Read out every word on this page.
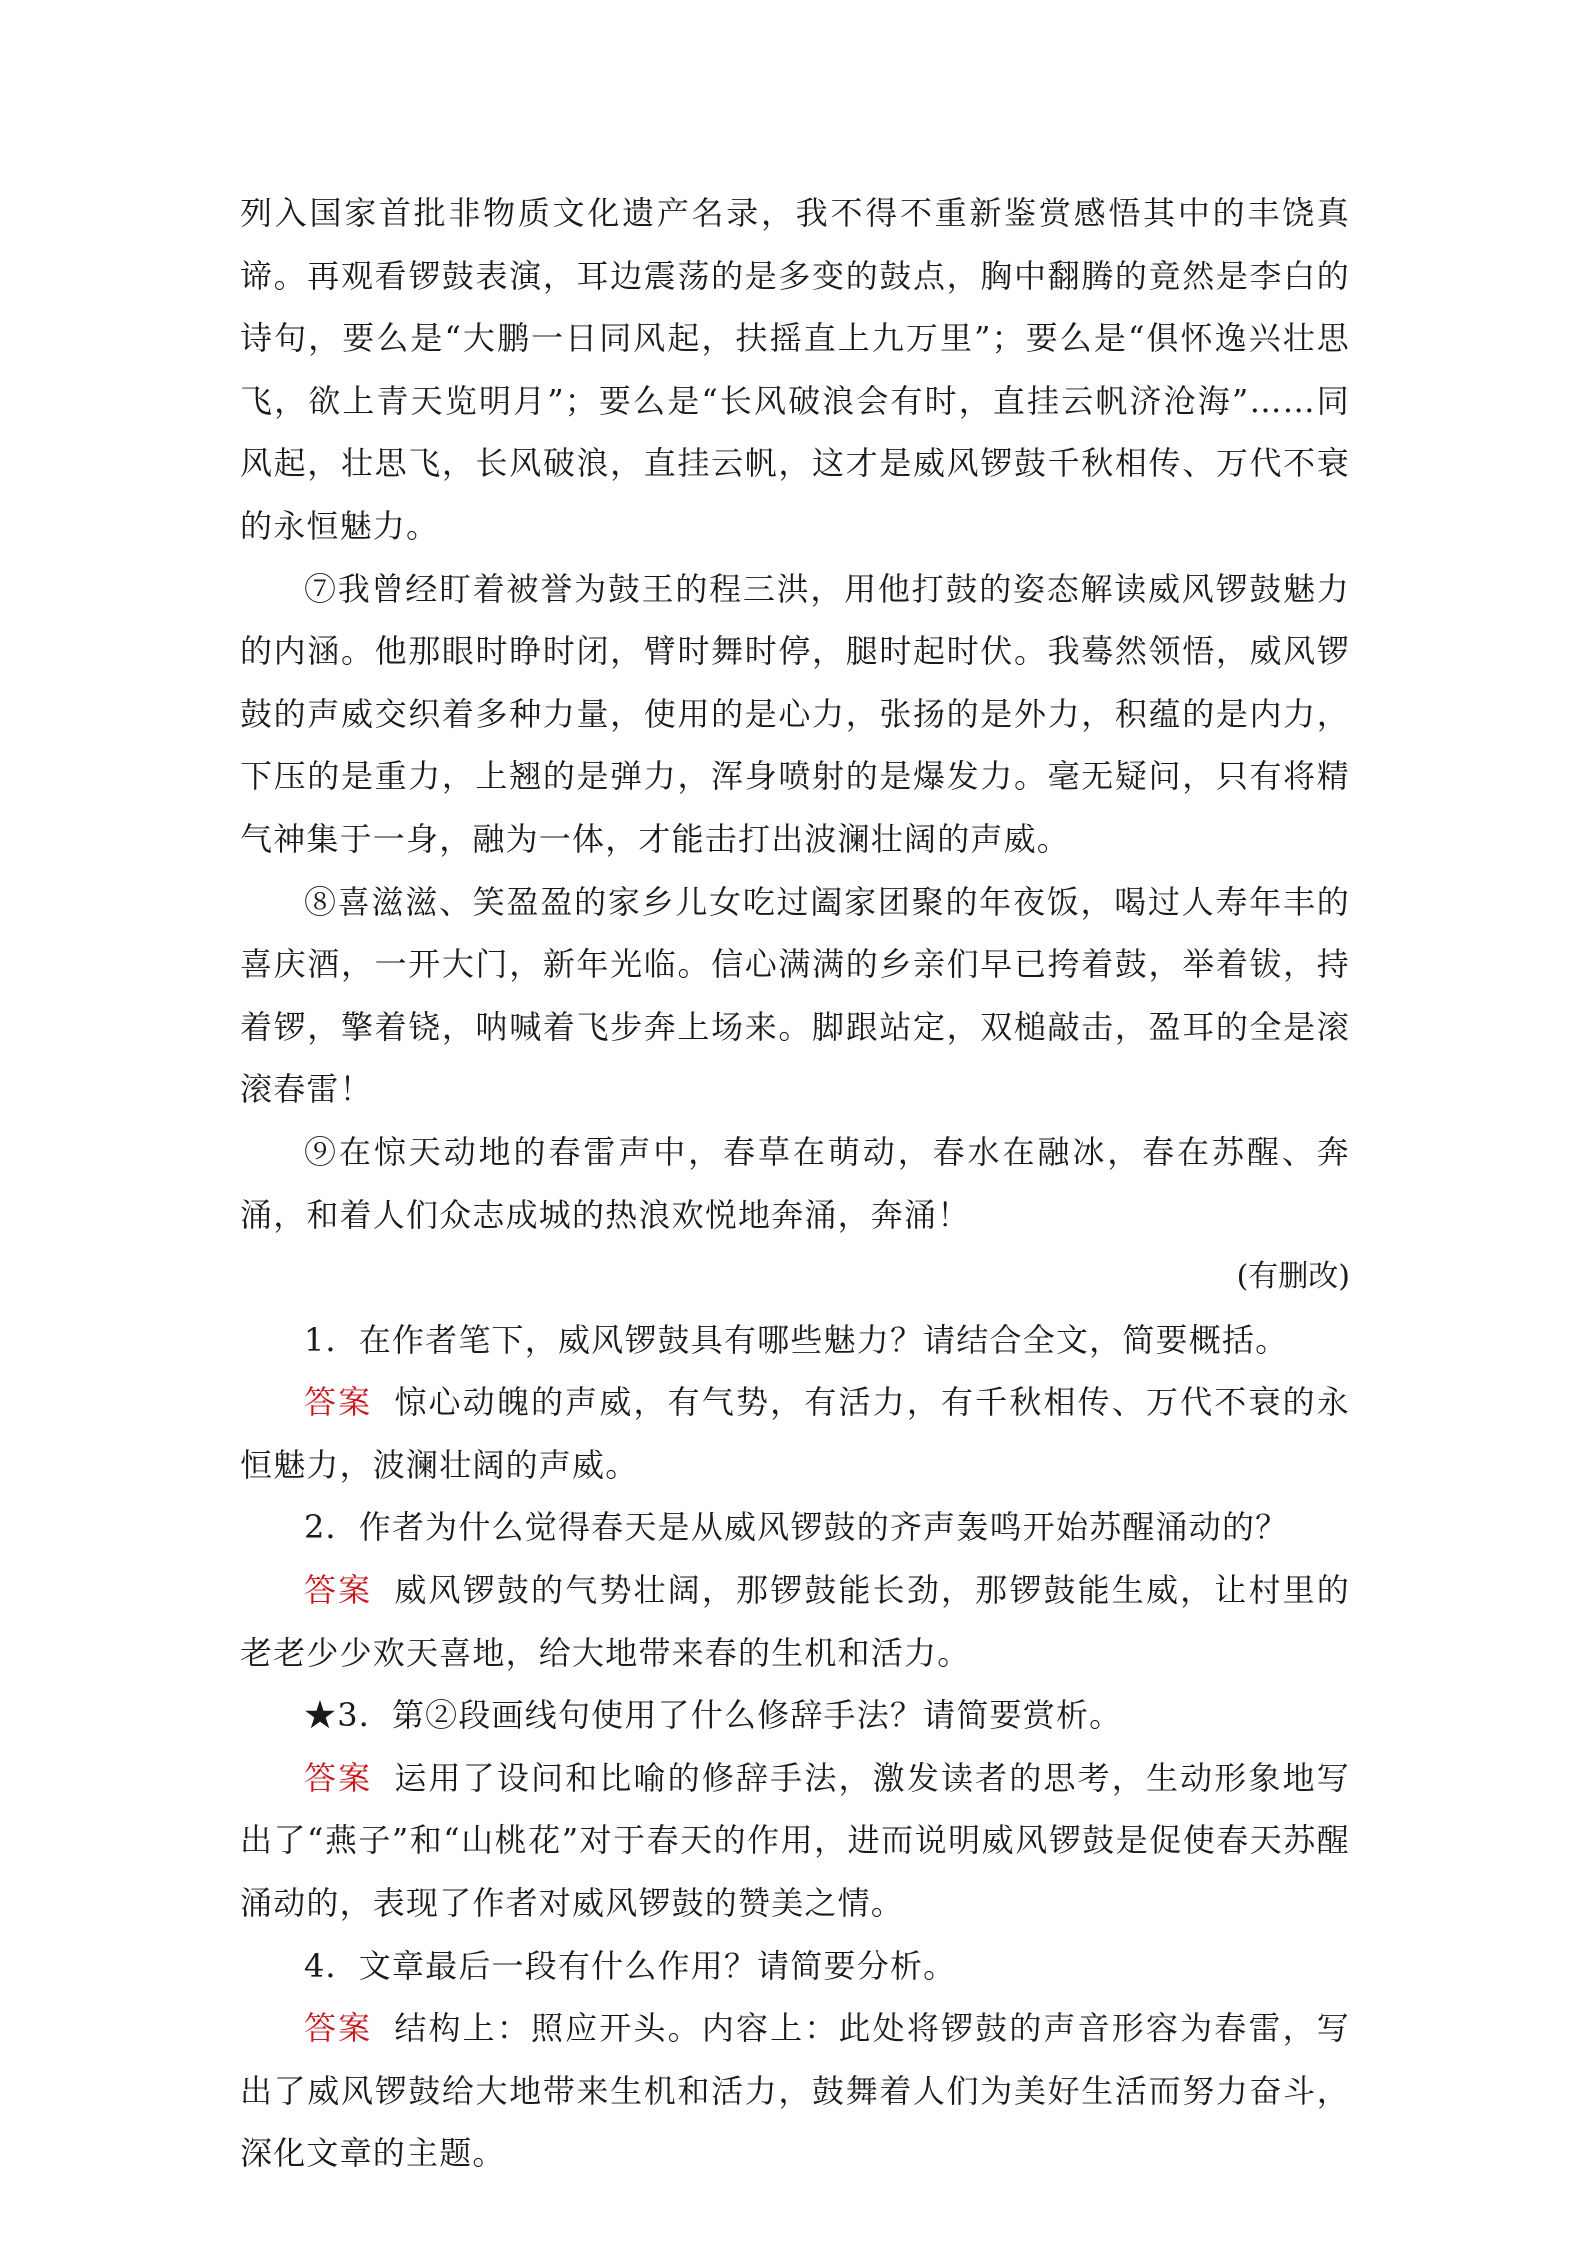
列入国家首批非物质文化遗产名录，我不得不重新鉴赏感悟其中的丰饶真谛。再观看锣鼓表演，耳边震荡的是多变的鼓点，胸中翻腾的竟然是李白的诗句，要么是“大鹏一日同风起，扶摇直上九万里”；要么是“俱怀逸兴壮思飞，欲上青天览明月”；要么是“长风破浪会有时，直挂云帆济沧海”……同风起，壮思飞，长风破浪，直挂云帆，这才是威风锣鼓千秋相传、万代不衰的永恒魅力。

⑦我曾经盯着被誉为鼓王的程三洪，用他打鼓的姿态解读威风锣鼓魅力的内涵。他那眼时睁时闭，臂时舞时停，腿时起时伏。我蓦然领悟，威风锣鼓的声威交织着多种力量，使用的是心力，张扬的是外力，积蕴的是内力，下压的是重力，上翘的是弹力，浑身喷射的是爆发力。毫无疑问，只有将精气神集于一身，融为一体，才能击打出波澜壮阔的声威。

⑧喜滋滋、笑盈盈的家乡儿女吃过阖家团聚的年夜饭，喝过人寿年丰的喜庆酒，一开大门，新年光临。信心满满的乡亲们早已挎着鼓，举着钹，持着锣，擎着铙，呐喊着飞步奔上场来。脚跟站定，双槌敲击，盈耳的全是滚滚春雷！

⑨在惊天动地的春雷声中，春草在萌动，春水在融冰，春在苏醒、奔涌，和着人们众志成城的热浪欢悦地奔涌，奔涌！

(有删改)

1．在作者笔下，威风锣鼓具有哪些魅力？请结合全文，简要概括。

答案 惊心动魄的声威，有气势，有活力，有千秋相传、万代不衰的永恒魅力，波澜壮阔的声威。

2．作者为什么觉得春天是从威风锣鼓的齐声轰鸣开始苏醒涌动的？

答案 威风锣鼓的气势壮阔，那锣鼓能长劲，那锣鼓能生威，让村里的老老少少欢天喜地，给大地带来春的生机和活力。

★3．第②段画线句使用了什么修辞手法？请简要赏析。

答案 运用了设问和比喻的修辞手法，激发读者的思考，生动形象地写出了“燕子”和“山桃花”对于春天的作用，进而说明威风锣鼓是促使春天苏醒涌动的，表现了作者对威风锣鼓的赞美之情。

4．文章最后一段有什么作用？请简要分析。

答案 结构上：照应开头。内容上：此处将锣鼓的声音形容为春雷，写出了威风锣鼓给大地带来生机和活力，鼓舞着人们为美好生活而努力奋斗，深化文章的主题。
